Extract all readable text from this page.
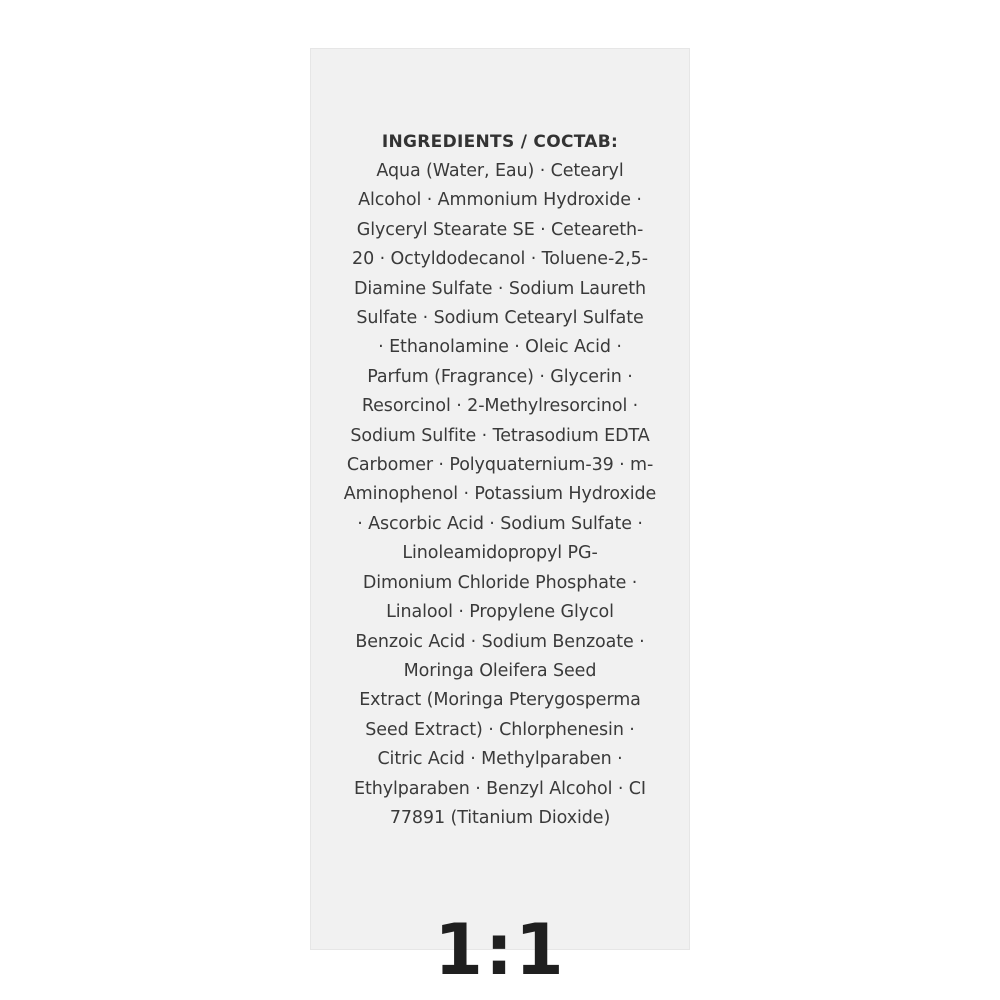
INGREDIENTS / COCTAB:
Aqua (Water, Eau) · Cetearyl
Alcohol · Ammonium Hydroxide ·
Glyceryl Stearate SE · Ceteareth-
20 · Octyldodecanol · Toluene-2,5-
Diamine Sulfate · Sodium Laureth
Sulfate · Sodium Cetearyl Sulfate
· Ethanolamine · Oleic Acid ·
Parfum (Fragrance) · Glycerin ·
Resorcinol · 2-Methylresorcinol ·
Sodium Sulfite · Tetrasodium EDTA
Carbomer · Polyquaternium-39 · m-
Aminophenol · Potassium Hydroxide
· Ascorbic Acid · Sodium Sulfate ·
Linoleamidopropyl PG-
Dimonium Chloride Phosphate ·
Linalool · Propylene Glycol
Benzoic Acid · Sodium Benzoate ·
Moringa Oleifera Seed
Extract (Moringa Pterygosperma
Seed Extract) · Chlorphenesin ·
Citric Acid · Methylparaben ·
Ethylparaben · Benzyl Alcohol · CI
77891 (Titanium Dioxide)
1:1
